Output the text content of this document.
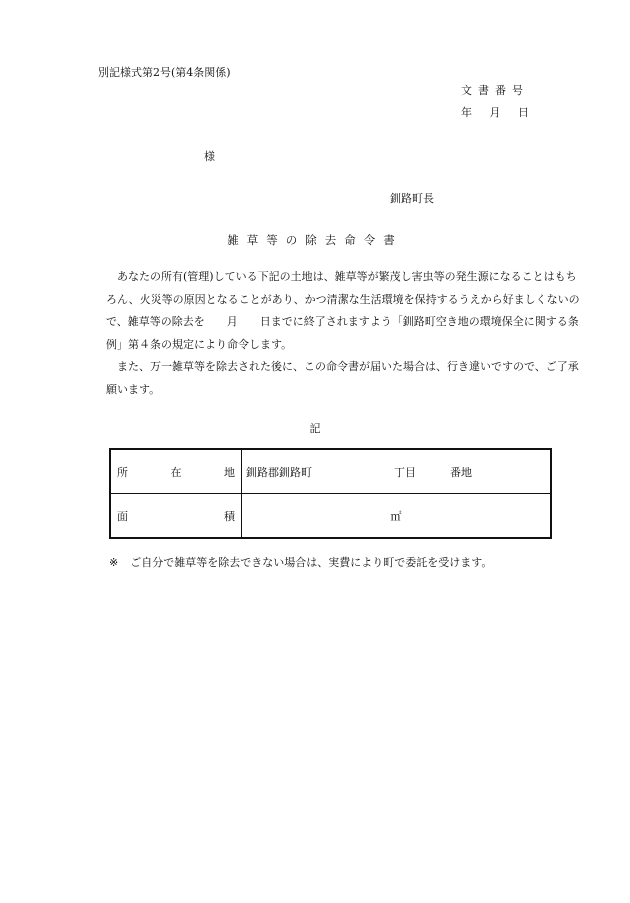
別記様式第2号(第4条関係)
文書番号
年 月 日
様
釧路町長
雑草等の除去命令書

あなたの所有(管理)している下記の土地は、雑草等が繁茂し害虫等の発生源になることはもちろん、火災等の原因となることがあり、かつ清潔な生活環境を保持するうえから好ましくないので、雑草等の除去を　　月　　日までに終了されますよう「釧路町空き地の環境保全に関する条例」第４条の規定により命令します。

また、万一雑草等を除去された後に、この命令書が届いた場合は、行き違いですので、ご了承願います。

記
所在地	釧路郡釧路町 丁目 番地

面積	㎡
※ ご自分で雑草等を除去できない場合は、実費により町で委託を受けます。
